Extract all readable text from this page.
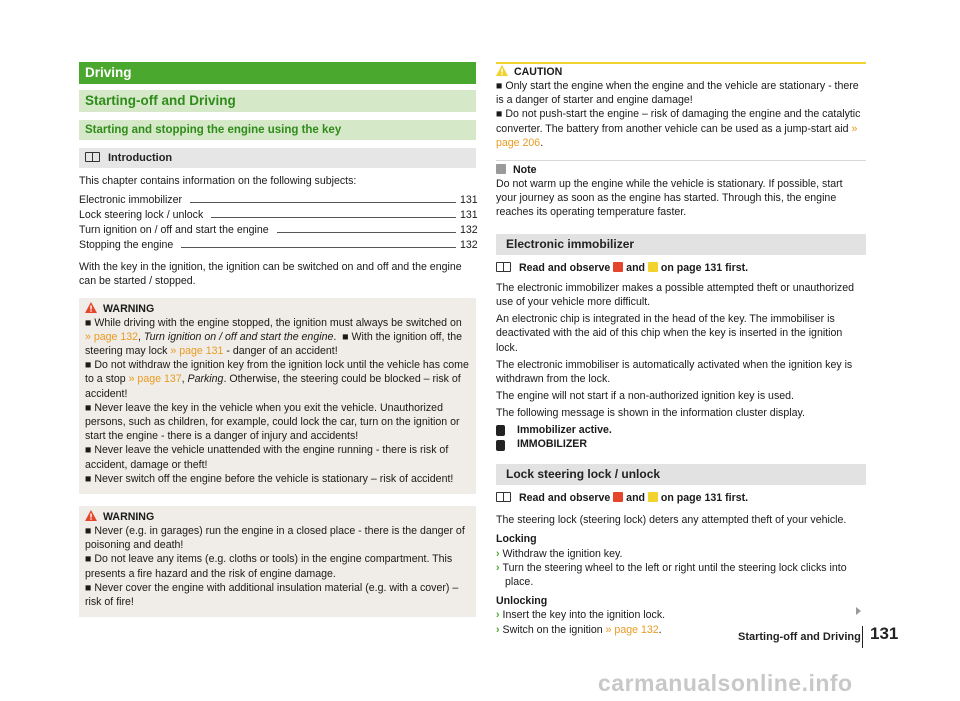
Driving
Starting-off and Driving
Starting and stopping the engine using the key
Introduction

This chapter contains information on the following subjects:

Electronic immobilizer	131
Lock steering lock / unlock	131
Turn ignition on / off and start the engine	132
Stopping the engine	132

With the key in the ignition, the ignition can be switched on and off and the engine can be started / stopped.

WARNING

■ While driving with the engine stopped, the ignition must always be switched on » page 132, Turn ignition on / off and start the engine. ■ With the ignition off, the steering may lock » page 131 - danger of an accident!

■ Do not withdraw the ignition key from the ignition lock until the vehicle has come to a stop » page 137, Parking. Otherwise, the steering could be blocked – risk of accident!

■ Never leave the key in the vehicle when you exit the vehicle. Unauthorized persons, such as children, for example, could lock the car, turn on the ignition or start the engine - there is a danger of injury and accidents!

■ Never leave the vehicle unattended with the engine running - there is risk of accident, damage or theft!

■ Never switch off the engine before the vehicle is stationary – risk of accident!

WARNING

■ Never (e.g. in garages) run the engine in a closed place - there is the danger of poisoning and death!

■ Do not leave any items (e.g. cloths or tools) in the engine compartment. This presents a fire hazard and the risk of engine damage.

■ Never cover the engine with additional insulation material (e.g. with a cover) – risk of fire!

CAUTION

■ Only start the engine when the engine and the vehicle are stationary - there is a danger of starter and engine damage!

■ Do not push-start the engine – risk of damaging the engine and the catalytic converter. The battery from another vehicle can be used as a jump-start aid » page 206.

Note

Do not warm up the engine while the vehicle is stationary. If possible, start your journey as soon as the engine has started. Through this, the engine reaches its operating temperature faster.

Electronic immobilizer

Read and observe and on page 131 first.

The electronic immobilizer makes a possible attempted theft or unauthorized use of your vehicle more difficult.

An electronic chip is integrated in the head of the key. The immobiliser is deactivated with the aid of this chip when the key is inserted in the ignition lock.

The electronic immobiliser is automatically activated when the ignition key is withdrawn from the lock.

The engine will not start if a non-authorized ignition key is used.

The following message is shown in the information cluster display.

Immobilizer active.

IMMOBILIZER

Lock steering lock / unlock

Read and observe and on page 131 first.

The steering lock (steering lock) deters any attempted theft of your vehicle.

Locking

› Withdraw the ignition key.

› Turn the steering wheel to the left or right until the steering lock clicks into place.

Unlocking

› Insert the key into the ignition lock.

› Switch on the ignition » page 132.

Starting-off and Driving 131
carmanualsonline.info
